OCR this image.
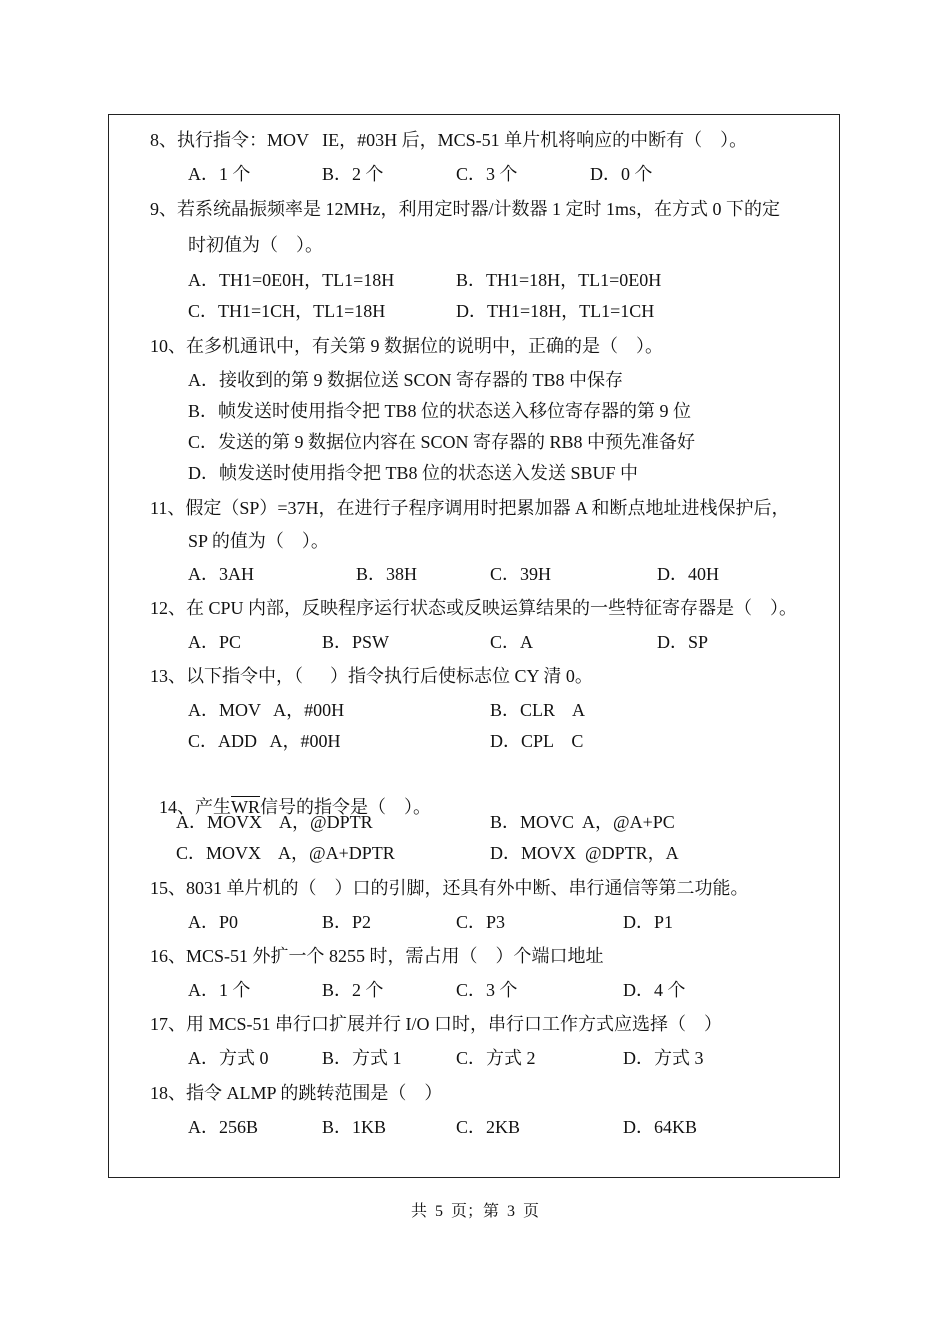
8、执行指令：MOV   IE，#03H 后，MCS-51 单片机将响应的中断有（    ）。
A．1 个	B．2 个	C．3 个	D．0 个
9、若系统晶振频率是 12MHz，利用定时器/计数器 1 定时 1ms，在方式 0 下的定
时初值为（    ）。
A．TH1=0E0H，TL1=18H	B．TH1=18H，TL1=0E0H
C．TH1=1CH，TL1=18H	D．TH1=18H，TL1=1CH
10、在多机通讯中，有关第 9 数据位的说明中，正确的是（    ）。
A．接收到的第 9 数据位送 SCON 寄存器的 TB8 中保存
B．帧发送时使用指令把 TB8 位的状态送入移位寄存器的第 9 位
C．发送的第 9 数据位内容在 SCON 寄存器的 RB8 中预先准备好
D．帧发送时使用指令把 TB8 位的状态送入发送 SBUF 中
11、假定（SP）=37H，在进行子程序调用时把累加器 A 和断点地址进栈保护后，
SP 的值为（    ）。
A．3AH	B．38H	C．39H	D．40H
12、在 CPU 内部，反映程序运行状态或反映运算结果的一些特征寄存器是（    ）。
A．PC	B．PSW	C．A	D．SP
13、以下指令中，（      ）指令执行后使标志位 CY 清 0。
A．MOV   A，#00H	B．CLR    A
C．ADD   A，#00H	D．CPL    C

14、产生$\overline{WR}$信号的指令是（    ）。

A．MOVX    A，@DPTR	B．MOVC  A，@A+PC
C．MOVX    A，@A+DPTR	D．MOVX  @DPTR，A
15、8031 单片机的（    ）口的引脚，还具有外中断、串行通信等第二功能。
A．P0	B．P2	C．P3	D．P1
16、MCS-51 外扩一个 8255 时，需占用（    ）个端口地址
A．1 个	B．2 个	C．3 个	D．4 个
17、用 MCS-51 串行口扩展并行 I/O 口时，串行口工作方式应选择（    ）
A．方式 0	B．方式 1	C．方式 2	D．方式 3
18、指令 ALMP 的跳转范围是（    ）
A．256B	B．1KB	C．2KB	D．64KB
共  5  页；第  3  页
